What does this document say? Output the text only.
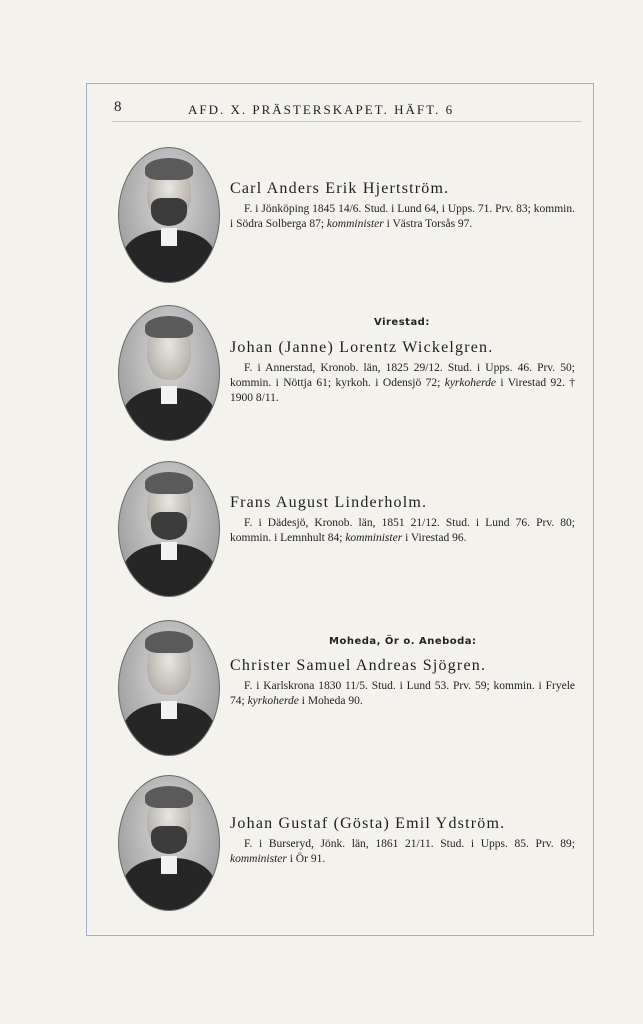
8	AFD. X. PRÄSTERSKAPET. HÄFT. 6
Carl Anders Erik Hjertström.
F. i Jönköping 1845 14/6. Stud. i Lund 64, i Upps. 71. Prv. 83; kommin. i Södra Solberga 87; komminister i Västra Torsås 97.
Virestad:
Johan (Janne) Lorentz Wickelgren.
F. i Annerstad, Kronob. län, 1825 29/12. Stud. i Upps. 46. Prv. 50; kommin. i Nöttja 61; kyrkoh. i Odensjö 72; kyrkoherde i Virestad 92. † 1900 8/11.
Frans August Linderholm.
F. i Dädesjö, Kronob. län, 1851 21/12. Stud. i Lund 76. Prv. 80; kommin. i Lemnhult 84; komminister i Virestad 96.
Moheda, Ör o. Aneboda:
Christer Samuel Andreas Sjögren.
F. i Karlskrona 1830 11/5. Stud. i Lund 53. Prv. 59; kommin. i Fryele 74; kyrkoherde i Moheda 90.
Johan Gustaf (Gösta) Emil Ydström.
F. i Burseryd, Jönk. län, 1861 21/11. Stud. i Upps. 85. Prv. 89; komminister i Ör 91.
